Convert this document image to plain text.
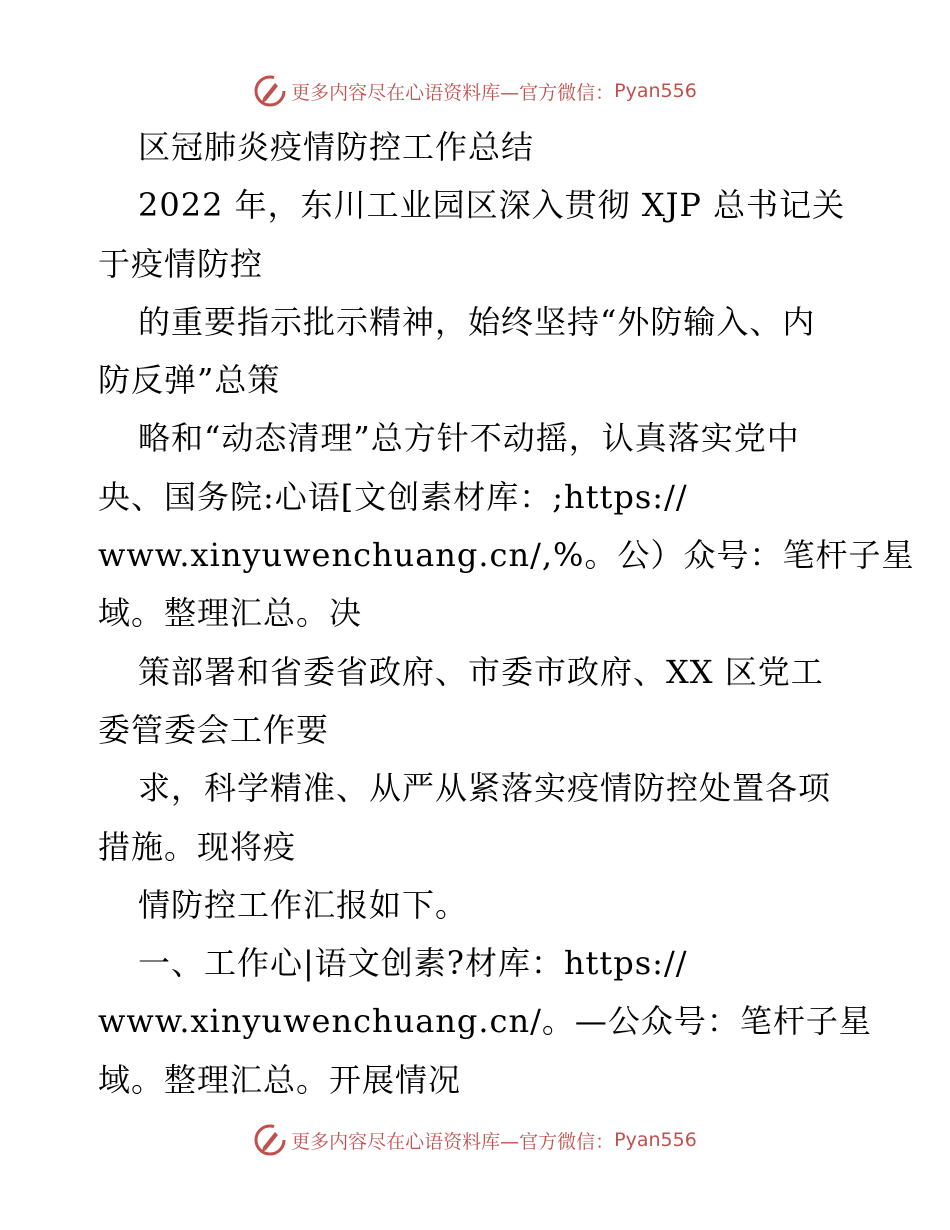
更多内容尽在心语资料库—官方微信： Pyan556
区冠肺炎疫情防控工作总结
2022 年，东川工业园区深入贯彻 XJP 总书记关
于疫情防控
的重要指示批示精神，始终坚持“外防输入、内
防反弹”总策
略和“动态清理”总方针不动摇，认真落实党中
央、国务院:心语[文创素材库：;https://
www.xinyuwenchuang.cn/,%。公）众号：笔杆子星
域。整理汇总。决
策部署和省委省政府、市委市政府、XX 区党工
委管委会工作要
求，科学精准、从严从紧落实疫情防控处置各项
措施。现将疫
情防控工作汇报如下。
一、工作心|语文创素?材库：https://
www.xinyuwenchuang.cn/。—公众号：笔杆子星
域。整理汇总。开展情况
更多内容尽在心语资料库—官方微信： Pyan556
